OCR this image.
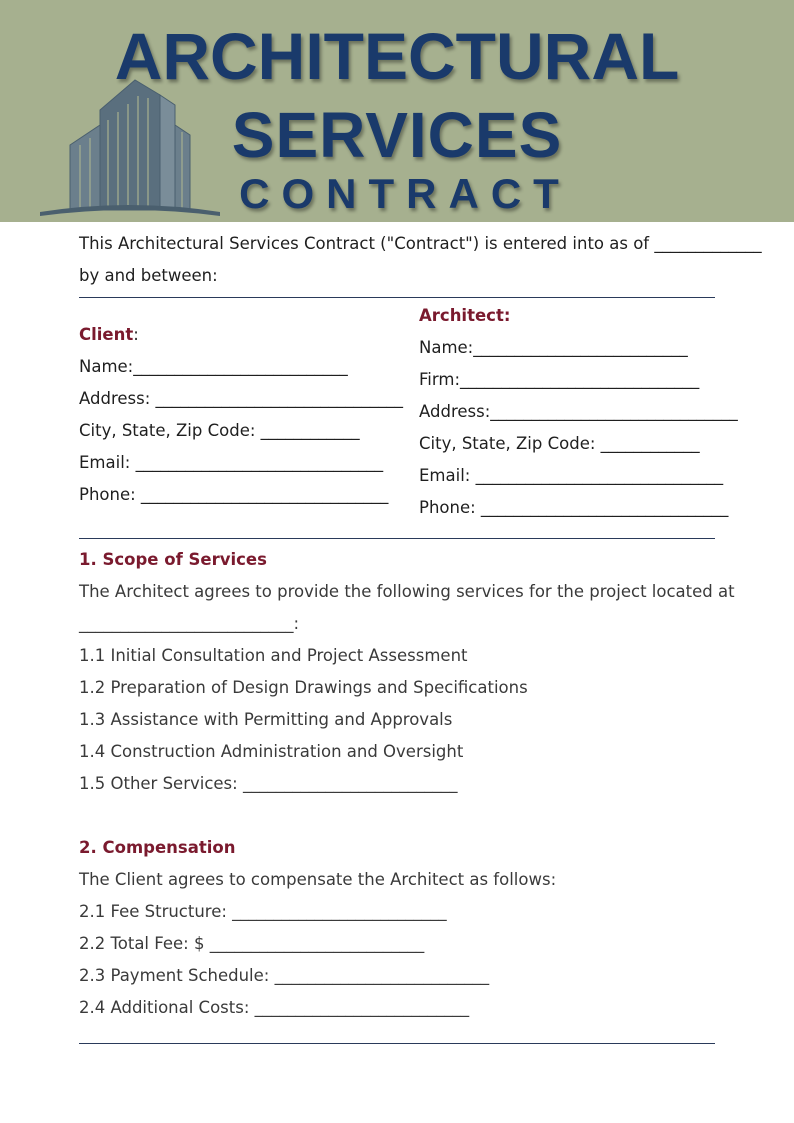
ARCHITECTURAL
SERVICES
CONTRACT
This Architectural Services Contract ("Contract") is entered into as of _____________
by and between:
Client:
Name:__________________________
Address: ______________________________
City, State, Zip Code: ____________
Email: ______________________________
Phone: ______________________________
Architect:
Name:__________________________
Firm:_____________________________
Address:______________________________
City, State, Zip Code: ____________
Email: ______________________________
Phone: ______________________________
1. Scope of Services
The Architect agrees to provide the following services for the project located at
__________________________:
1.1 Initial Consultation and Project Assessment
1.2 Preparation of Design Drawings and Specifications
1.3 Assistance with Permitting and Approvals
1.4 Construction Administration and Oversight
1.5 Other Services: __________________________
2. Compensation
The Client agrees to compensate the Architect as follows:
2.1 Fee Structure: __________________________
2.2 Total Fee: $ __________________________
2.3 Payment Schedule: __________________________
2.4 Additional Costs: __________________________
